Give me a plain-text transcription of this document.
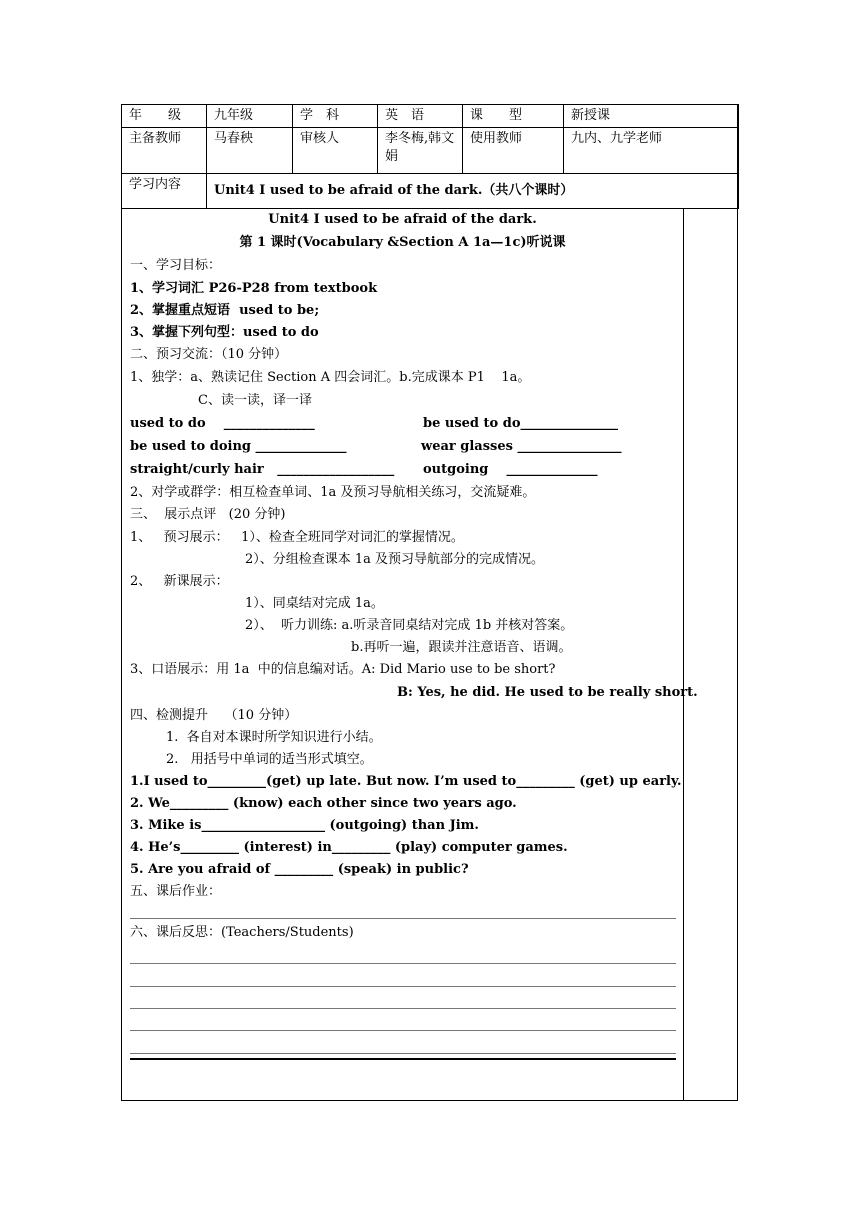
年　　级	九年级	学　科	英　语	课　　型	新授课
主备教师	马春秧	审核人	李冬梅,韩文娟	使用教师	九内、九学老师
学习内容	Unit4 I used to be afraid of the dark.（共八个课时）				
Unit4 I used to be afraid of the dark.
第 1 课时(Vocabulary &Section A 1a—1c)听说课
一、学习目标：
1、学习词汇 P26-P28 from textbook
2、掌握重点短语  used to be;
3、掌握下列句型：used to do
二、预习交流：（10 分钟）
1、独学：a、熟读记住 Section A 四会词汇。b.完成课本 P1    1a。
C、读一读，译一译
used to do    ______________	be used to do_______________
be used to doing ______________	wear glasses ________________
straight/curly hair   __________________ outgoing    ______________
2、对学或群学：相互检查单词、1a 及预习导航相关练习，交流疑难。
三、  展示点评   (20 分钟)
1、   预习展示：   1）、检查全班同学对词汇的掌握情况。
2）、分组检查课本 1a 及预习导航部分的完成情况。
2、   新课展示：
1）、同桌结对完成 1a。
2）、  听力训练: a.听录音同桌结对完成 1b 并核对答案。
b.再听一遍，跟读并注意语音、语调。
3、口语展示：用 1a  中的信息编对话。A: Did Mario use to be short?
B: Yes, he did. He used to be really short.
四、检测提升    （10 分钟）
1.  各自对本课时所学知识进行小结。
2.   用括号中单词的适当形式填空。
1.I used to_________(get) up late. But now. I’m used to_________ (get) up early.
2. We_________ (know) each other since two years ago.
3. Mike is___________________ (outgoing) than Jim.
4. He’s_________ (interest) in_________ (play) computer games.
5. Are you afraid of _________ (speak) in public?
五、课后作业：
六、课后反思：(Teachers/Students)
